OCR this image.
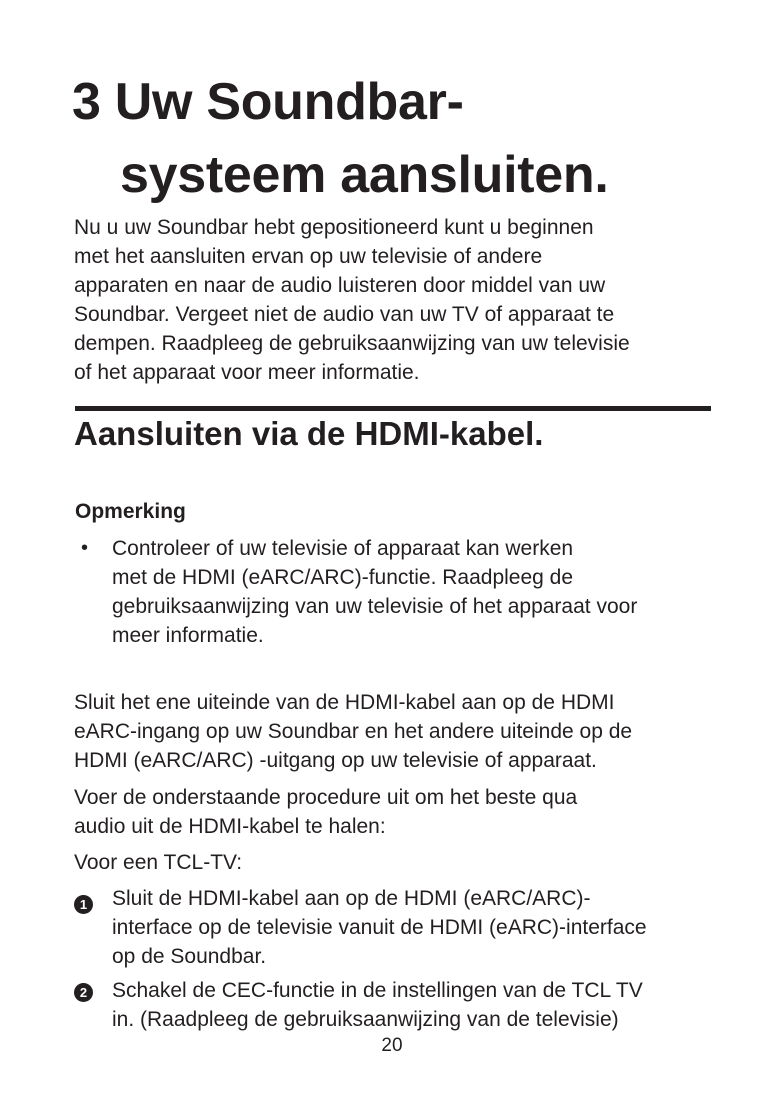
3 Uw Soundbar-
systeem aansluiten.

Nu u uw Soundbar hebt gepositioneerd kunt u beginnen
met het aansluiten ervan op uw televisie of andere
apparaten en naar de audio luisteren door middel van uw
Soundbar. Vergeet niet de audio van uw TV of apparaat te
dempen. Raadpleeg de gebruiksaanwijzing van uw televisie
of het apparaat voor meer informatie.

Aansluiten via de HDMI-kabel.
Opmerking
• Controleer of uw televisie of apparaat kan werken
met de HDMI (eARC/ARC)-functie. Raadpleeg de
gebruiksaanwijzing van uw televisie of het apparaat voor
meer informatie.

Sluit het ene uiteinde van de HDMI-kabel aan op de HDMI
eARC-ingang op uw Soundbar en het andere uiteinde op de
HDMI (eARC/ARC) -uitgang op uw televisie of apparaat.

Voer de onderstaande procedure uit om het beste qua
audio uit de HDMI-kabel te halen:

Voor een TCL-TV:

1 Sluit de HDMI-kabel aan op de HDMI (eARC/ARC)-
interface op de televisie vanuit de HDMI (eARC)-interface
op de Soundbar.
2 Schakel de CEC-functie in de instellingen van de TCL TV
in. (Raadpleeg de gebruiksaanwijzing van de televisie)
20
